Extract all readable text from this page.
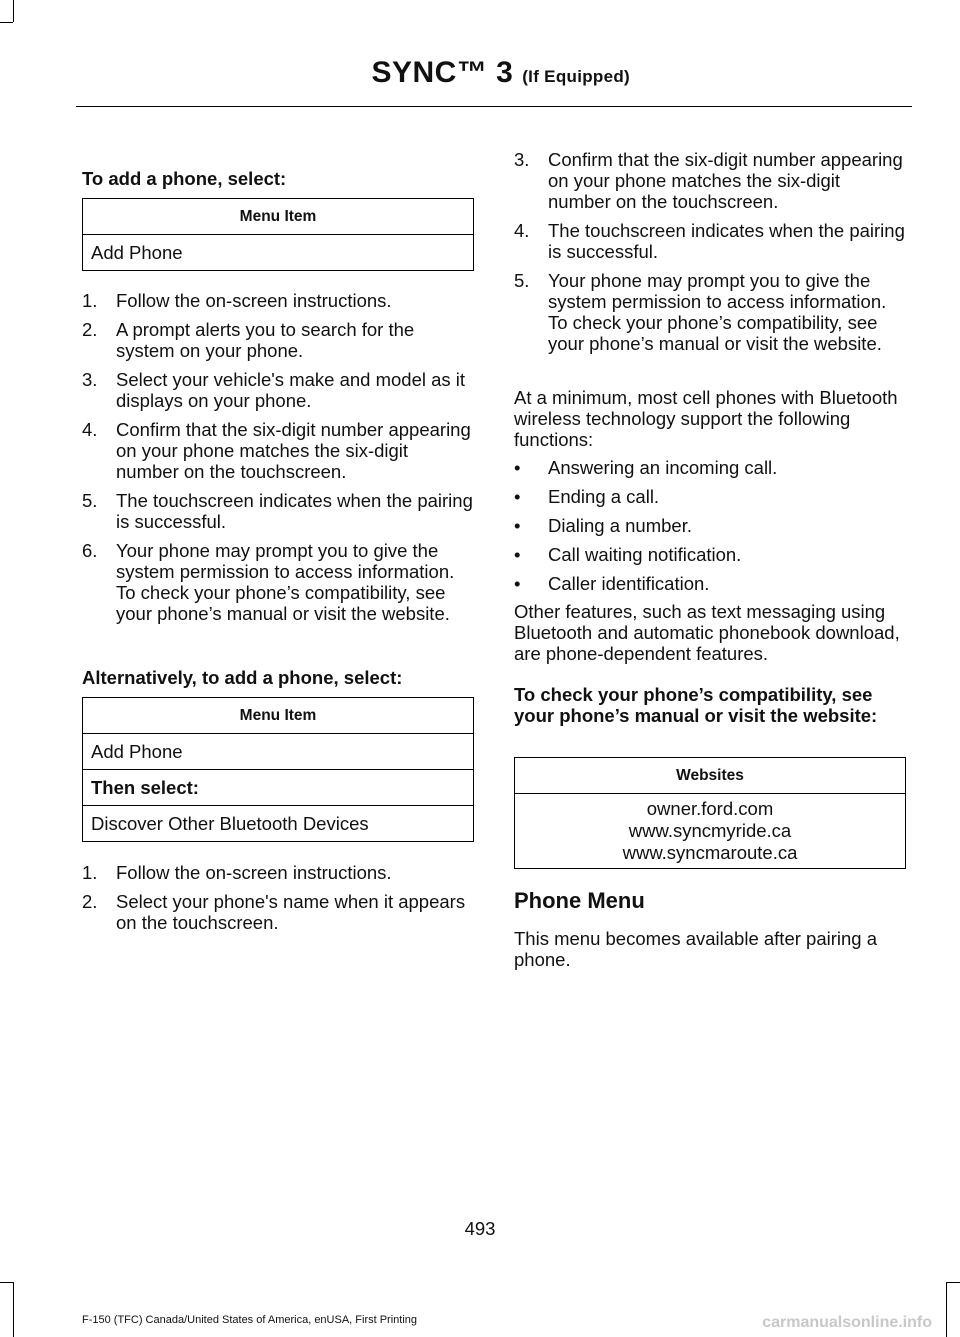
SYNC™ 3 (If Equipped)
To add a phone, select:
Menu Item
Add Phone
1. Follow the on-screen instructions.
2. A prompt alerts you to search for the system on your phone.
3. Select your vehicle's make and model as it displays on your phone.
4. Confirm that the six-digit number appearing on your phone matches the six-digit number on the touchscreen.
5. The touchscreen indicates when the pairing is successful.
6. Your phone may prompt you to give the system permission to access information. To check your phone’s compatibility, see your phone’s manual or visit the website.
Alternatively, to add a phone, select:
Menu Item
Add Phone
Then select:
Discover Other Bluetooth Devices
1. Follow the on-screen instructions.
2. Select your phone's name when it appears on the touchscreen.
3. Confirm that the six-digit number appearing on your phone matches the six-digit number on the touchscreen.
4. The touchscreen indicates when the pairing is successful.
5. Your phone may prompt you to give the system permission to access information. To check your phone’s compatibility, see your phone’s manual or visit the website.
At a minimum, most cell phones with Bluetooth wireless technology support the following functions:
• Answering an incoming call.
• Ending a call.
• Dialing a number.
• Call waiting notification.
• Caller identification.
Other features, such as text messaging using Bluetooth and automatic phonebook download, are phone-dependent features.
To check your phone’s compatibility, see your phone’s manual or visit the website:
Websites

owner.ford.com
www.syncmyride.ca
www.syncmaroute.ca
Phone Menu
This menu becomes available after pairing a phone.
493
F-150 (TFC) Canada/United States of America, enUSA, First Printing	carmanualsonline.info
